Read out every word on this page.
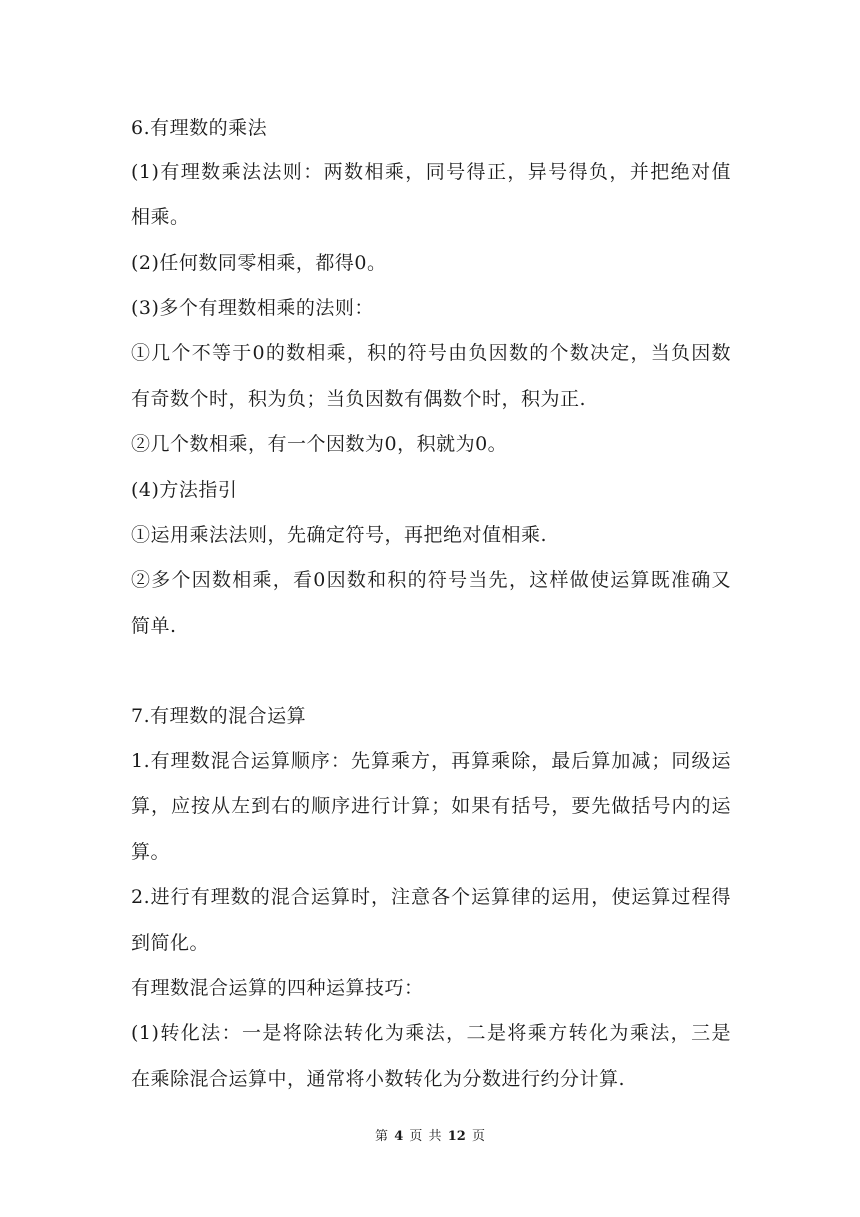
6.有理数的乘法
(1)有理数乘法法则：两数相乘，同号得正，异号得负，并把绝对值
相乘。
(2)任何数同零相乘，都得0。
(3)多个有理数相乘的法则：
①几个不等于0的数相乘，积的符号由负因数的个数决定，当负因数
有奇数个时，积为负；当负因数有偶数个时，积为正.
②几个数相乘，有一个因数为0，积就为0。
(4)方法指引
①运用乘法法则，先确定符号，再把绝对值相乘.
②多个因数相乘，看0因数和积的符号当先，这样做使运算既准确又
简单.
7.有理数的混合运算
1.有理数混合运算顺序：先算乘方，再算乘除，最后算加减；同级运
算，应按从左到右的顺序进行计算；如果有括号，要先做括号内的运
算。
2.进行有理数的混合运算时，注意各个运算律的运用，使运算过程得
到简化。
有理数混合运算的四种运算技巧：
(1)转化法：一是将除法转化为乘法，二是将乘方转化为乘法，三是
在乘除混合运算中，通常将小数转化为分数进行约分计算.
第 4 页 共 12 页
